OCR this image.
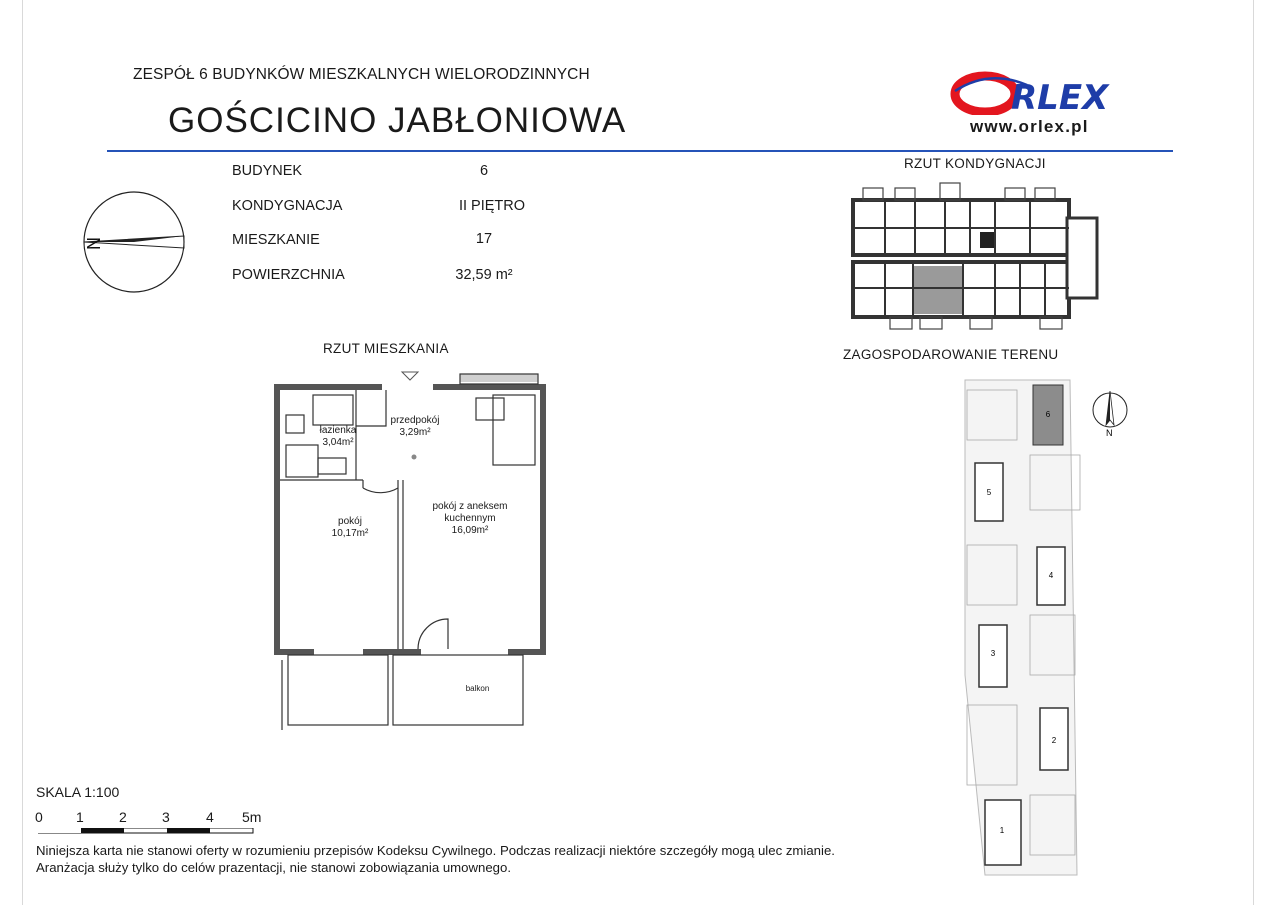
ZESPÓŁ 6 BUDYNKÓW MIESZKALNYCH WIELORODZINNYCH
GOŚCICINO JABŁONIOWA
RLEX
www.orlex.pl
BUDYNEK	6
KONDYGNACJA	II PIĘTRO
MIESZKANIE	17
POWIERZCHNIA	32,59 m²
N
RZUT KONDYGNACJI
RZUT MIESZKANIA	ZAGOSPODAROWANIE TERENU
łazienka
3,04m²
przedpokój
3,29m²
pokój
10,17m²
pokój z aneksem
kuchennym
16,09m²
balkon
6
5
4
3
2
1
N
SKALA 1:100
0 1	2	3	4 5m
Niniejsza karta nie stanowi oferty w rozumieniu przepisów Kodeksu Cywilnego. Podczas realizacji niektóre szczegóły mogą ulec zmianie.
Aranżacja służy tylko do celów prazentacji, nie stanowi zobowiązania umownego.
